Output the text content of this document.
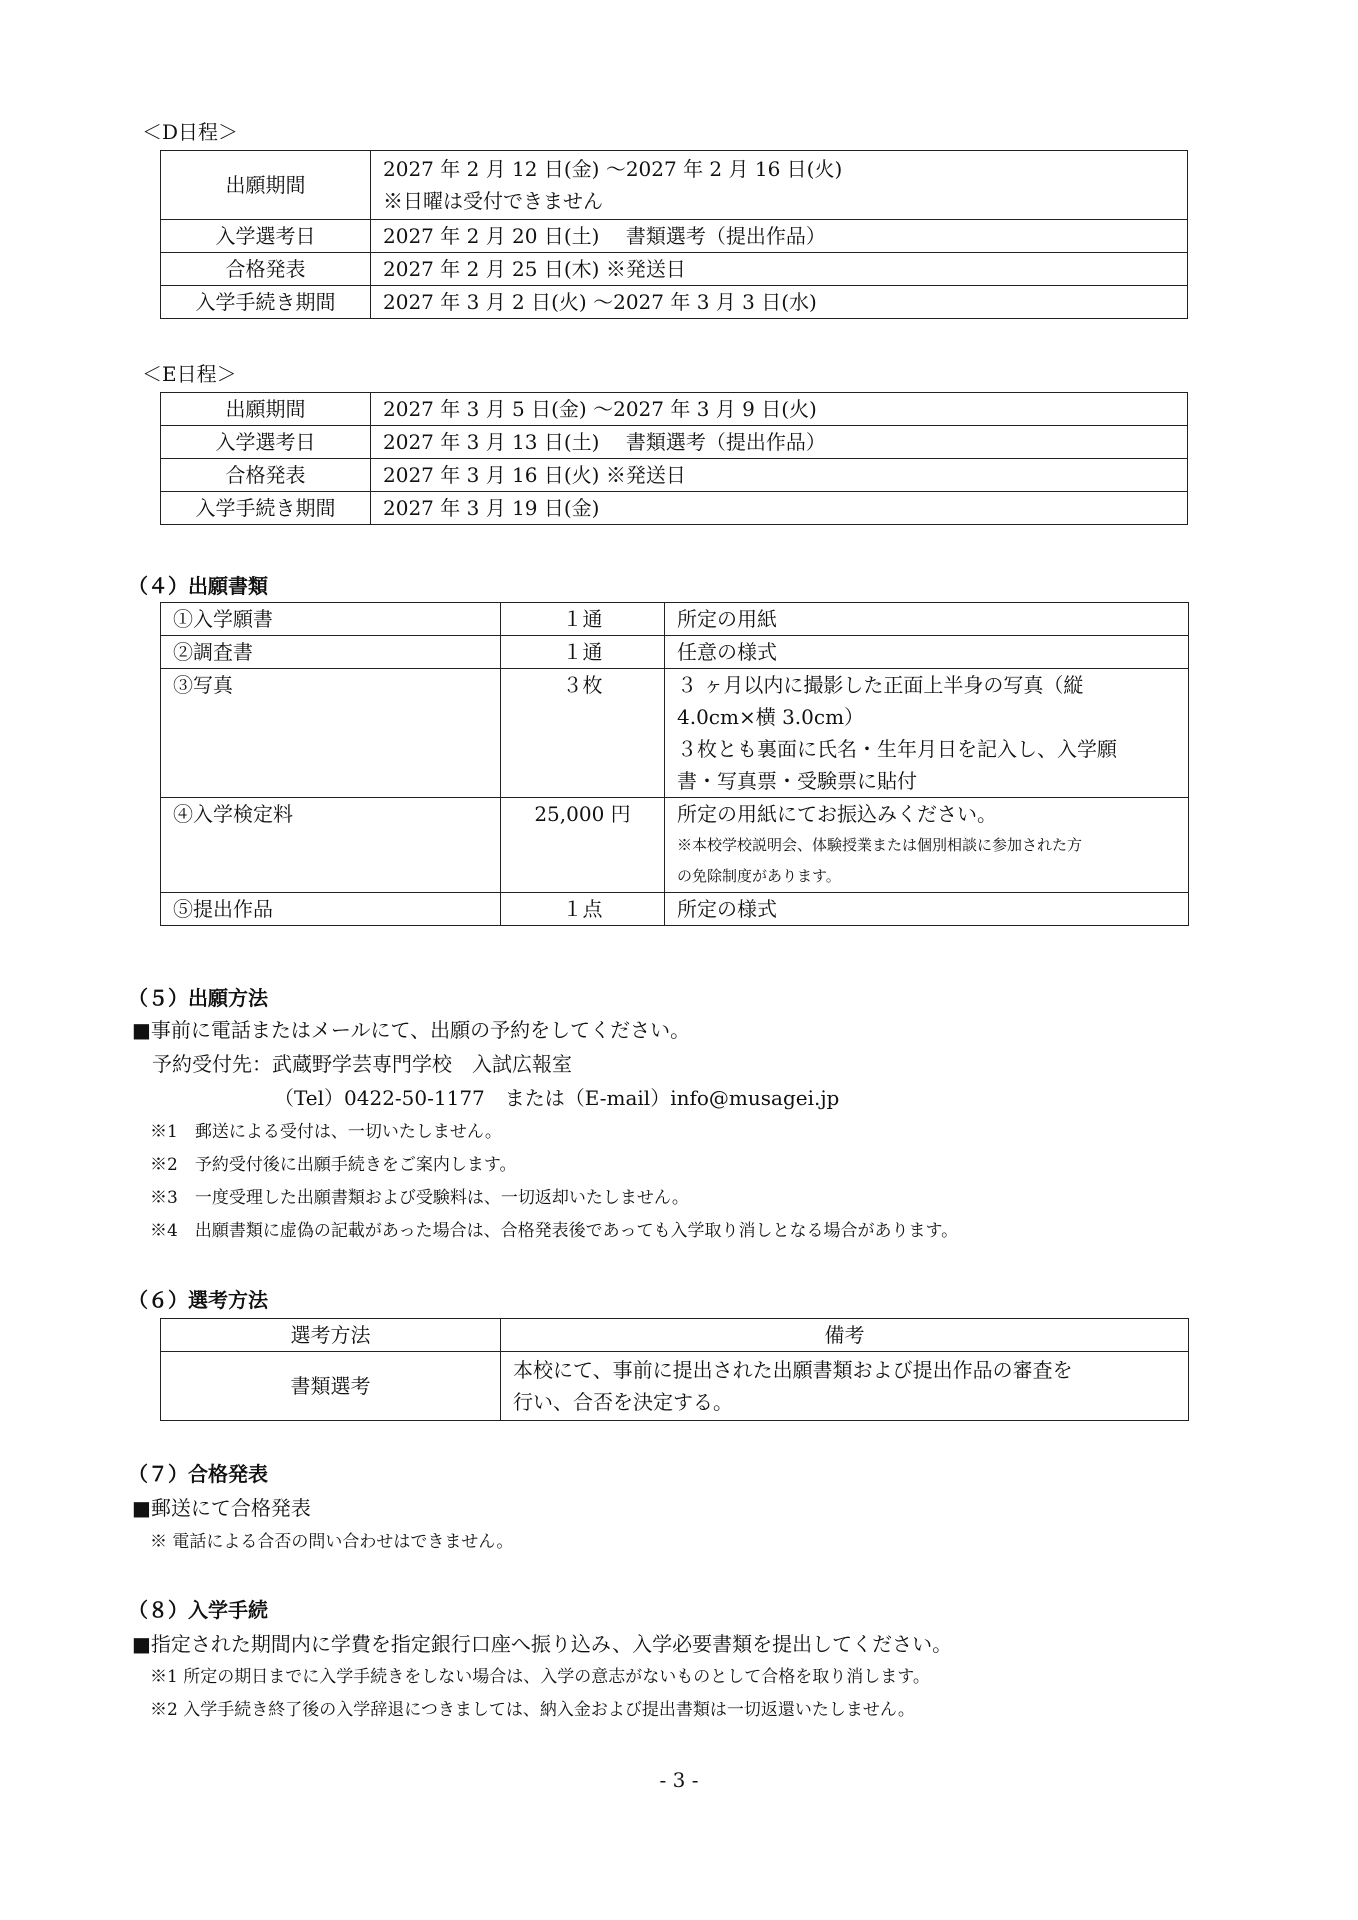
＜D日程＞
出願期間	2027 年 2 月 12 日(金) 〜2027 年 2 月 16 日(火)
※日曜は受付できません

入学選考日	2027 年 2 月 20 日(土)　 書類選考（提出作品）
合格発表	2027 年 2 月 25 日(木) ※発送日
入学手続き期間	2027 年 3 月 2 日(火) 〜2027 年 3 月 3 日(水)
＜E日程＞
出願期間	2027 年 3 月 5 日(金) 〜2027 年 3 月 9 日(火)
入学選考日	2027 年 3 月 13 日(土)　 書類選考（提出作品）
合格発表	2027 年 3 月 16 日(火) ※発送日
入学手続き期間	2027 年 3 月 19 日(金)
（４）出願書類
①入学願書	１通	所定の用紙
②調査書	１通	任意の様式
③写真	３枚	３ ヶ月以内に撮影した正面上半身の写真（縦
4.0cm×横 3.0cm）
３枚とも裏面に氏名・生年月日を記入し、入学願
書・写真票・受験票に貼付

④入学検定料	25,000 円	所定の用紙にてお振込みください。
※本校学校説明会、体験授業または個別相談に参加された方
の免除制度があります。

⑤提出作品	１点	所定の様式
（５）出願方法
■事前に電話またはメールにて、出願の予約をしてください。
予約受付先：武蔵野学芸専門学校　入試広報室
（Tel）0422-50-1177　または（E-mail）info@musagei.jp
※1　郵送による受付は、一切いたしません。
※2　予約受付後に出願手続きをご案内します。
※3　一度受理した出願書類および受験料は、一切返却いたしません。
※4　出願書類に虚偽の記載があった場合は、合格発表後であっても入学取り消しとなる場合があります。
（６）選考方法
選考方法	備考
書類選考	本校にて、事前に提出された出願書類および提出作品の審査を
行い、合否を決定する。
（７）合格発表
■郵送にて合格発表
※ 電話による合否の問い合わせはできません。
（８）入学手続
■指定された期間内に学費を指定銀行口座へ振り込み、入学必要書類を提出してください。
※1 所定の期日までに入学手続きをしない場合は、入学の意志がないものとして合格を取り消します。
※2 入学手続き終了後の入学辞退につきましては、納入金および提出書類は一切返還いたしません。
- 3 -
